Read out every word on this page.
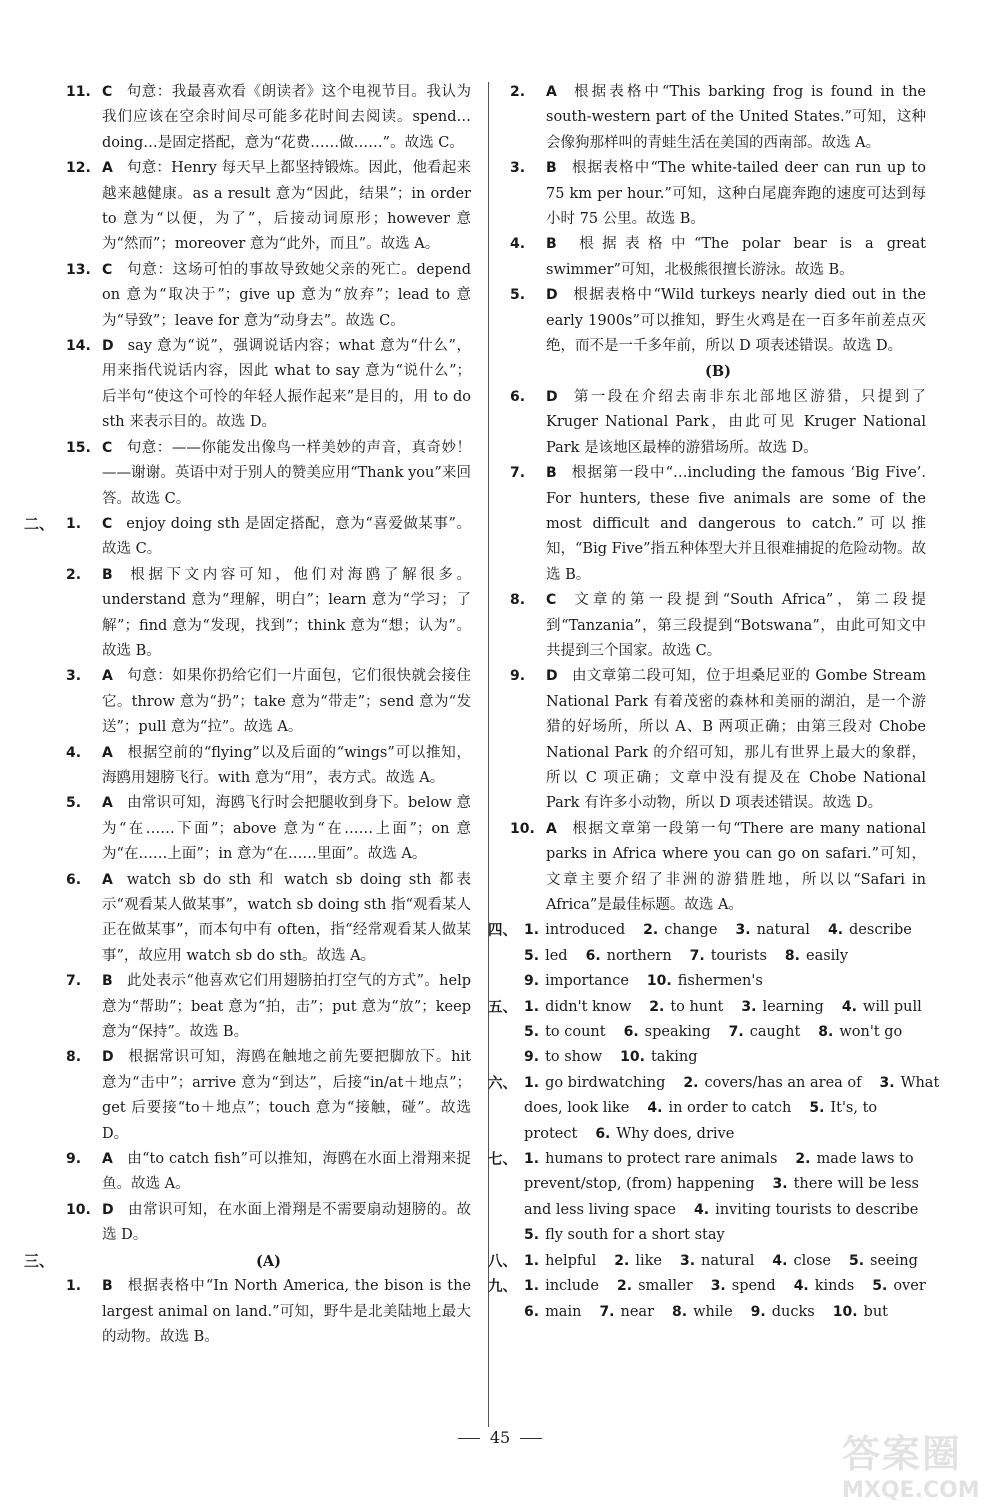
11. C 句意：我最喜欢看《朗读者》这个电视节目。我认为我们应该在空余时间尽可能多花时间去阅读。spend…doing…是固定搭配，意为“花费……做……”。故选 C。
12. A 句意：Henry 每天早上都坚持锻炼。因此，他看起来越来越健康。as a result 意为“因此，结果”；in order to 意为“以便，为了”，后接动词原形；however 意为“然而”；moreover 意为“此外，而且”。故选 A。
13. C 句意：这场可怕的事故导致她父亲的死亡。depend on 意为“取决于”；give up 意为“放弃”；lead to 意为“导致”；leave for 意为“动身去”。故选 C。
14. D say 意为“说”，强调说话内容；what 意为“什么”，用来指代说话内容，因此 what to say 意为“说什么”；后半句“使这个可怜的年轻人振作起来”是目的，用 to do sth 来表示目的。故选 D。
15. C 句意：——你能发出像鸟一样美妙的声音，真奇妙！——谢谢。英语中对于别人的赞美应用“Thank you”来回答。故选 C。
1.	C enjoy doing sth 是固定搭配，意为“喜爱做某事”。故选 C。
二、
2.	B 根据下文内容可知，他们对海鸥了解很多。understand 意为“理解，明白”；learn 意为“学习；了解”；find 意为“发现，找到”；think 意为“想；认为”。故选 B。
3.	A 句意：如果你扔给它们一片面包，它们很快就会接住它。throw 意为“扔”；take 意为“带走”；send 意为“发送”；pull 意为“拉”。故选 A。
4.	A 根据空前的“flying”以及后面的“wings”可以推知，海鸥用翅膀飞行。with 意为“用”，表方式。故选 A。
5.	A 由常识可知，海鸥飞行时会把腿收到身下。below 意为“在……下面”；above 意为“在……上面”；on 意为“在……上面”；in 意为“在……里面”。故选 A。
6.	A watch sb do sth 和 watch sb doing sth 都表示“观看某人做某事”，watch sb doing sth 指“观看某人正在做某事”，而本句中有 often，指“经常观看某人做某事”，故应用 watch sb do sth。故选 A。
7.	B 此处表示“他喜欢它们用翅膀拍打空气的方式”。help 意为“帮助”；beat 意为“拍，击”；put 意为“放”；keep 意为“保持”。故选 B。
8.	D 根据常识可知，海鸥在触地之前先要把脚放下。hit 意为“击中”；arrive 意为“到达”，后接“in/at＋地点”；get 后要接“to＋地点”；touch 意为“接触，碰”。故选 D。
9.	A 由“to catch fish”可以推知，海鸥在水面上滑翔来捉鱼。故选 A。
10. D 由常识可知，在水面上滑翔是不需要扇动翅膀的。故选 D。
三、	(A)
1.	B 根据表格中“In North America, the bison is the largest animal on land.”可知，野牛是北美陆地上最大的动物。故选 B。
2.	A 根据表格中“This barking frog is found in the south-western part of the United States.”可知，这种会像狗那样叫的青蛙生活在美国的西南部。故选 A。
3.	B 根据表格中“The white-tailed deer can run up to 75 km per hour.”可知，这种白尾鹿奔跑的速度可达到每小时 75 公里。故选 B。
4.	B 根据表格中“The polar bear is a great swimmer”可知，北极熊很擅长游泳。故选 B。
5.	D 根据表格中“Wild turkeys nearly died out in the early 1900s”可以推知，野生火鸡是在一百多年前差点灭绝，而不是一千多年前，所以 D 项表述错误。故选 D。
(B)
6.	D 第一段在介绍去南非东北部地区游猎，只提到了 Kruger National Park，由此可见 Kruger National Park 是该地区最棒的游猎场所。故选 D。
7.	B 根据第一段中“…including the famous ‘Big Five’. For hunters, these five animals are some of the most difficult and dangerous to catch.”可以推知，“Big Five”指五种体型大并且很难捕捉的危险动物。故选 B。
8.	C 文章的第一段提到“South Africa”，第二段提到“Tanzania”，第三段提到“Botswana”，由此可知文中共提到三个国家。故选 C。
9.	D 由文章第二段可知，位于坦桑尼亚的 Gombe Stream National Park 有着茂密的森林和美丽的湖泊，是一个游猎的好场所，所以 A、B 两项正确；由第三段对 Chobe National Park 的介绍可知，那儿有世界上最大的象群，所以 C 项正确；文章中没有提及在 Chobe National Park 有许多小动物，所以 D 项表述错误。故选 D。
10. A 根据文章第一段第一句“There are many national parks in Africa where you can go on safari.”可知，文章主要介绍了非洲的游猎胜地，所以以“Safari in Africa”是最佳标题。故选 A。
四、 1. introduced 2. change 3. natural 4. describe
5. led 6. northern 7. tourists 8. easily
9. importance 10. fishermen's
五、 1. didn't know 2. to hunt 3. learning 4. will pull
5. to count 6. speaking 7. caught 8. won't go
9. to show 10. taking
六、 1. go birdwatching 2. covers/has an area of 3. What
does, look like 4. in order to catch 5. It's, to
protect 6. Why does, drive
七、 1. humans to protect rare animals 2. made laws to
prevent/stop, (from) happening 3. there will be less
and less living space 4. inviting tourists to describe
5. fly south for a short stay
八、 1. helpful 2. like 3. natural 4. close 5. seeing
九、 1. include 2. smaller 3. spend 4. kinds 5. over
6. main 7. near 8. while 9. ducks 10. but
45	答案圈
MXQE.COM
